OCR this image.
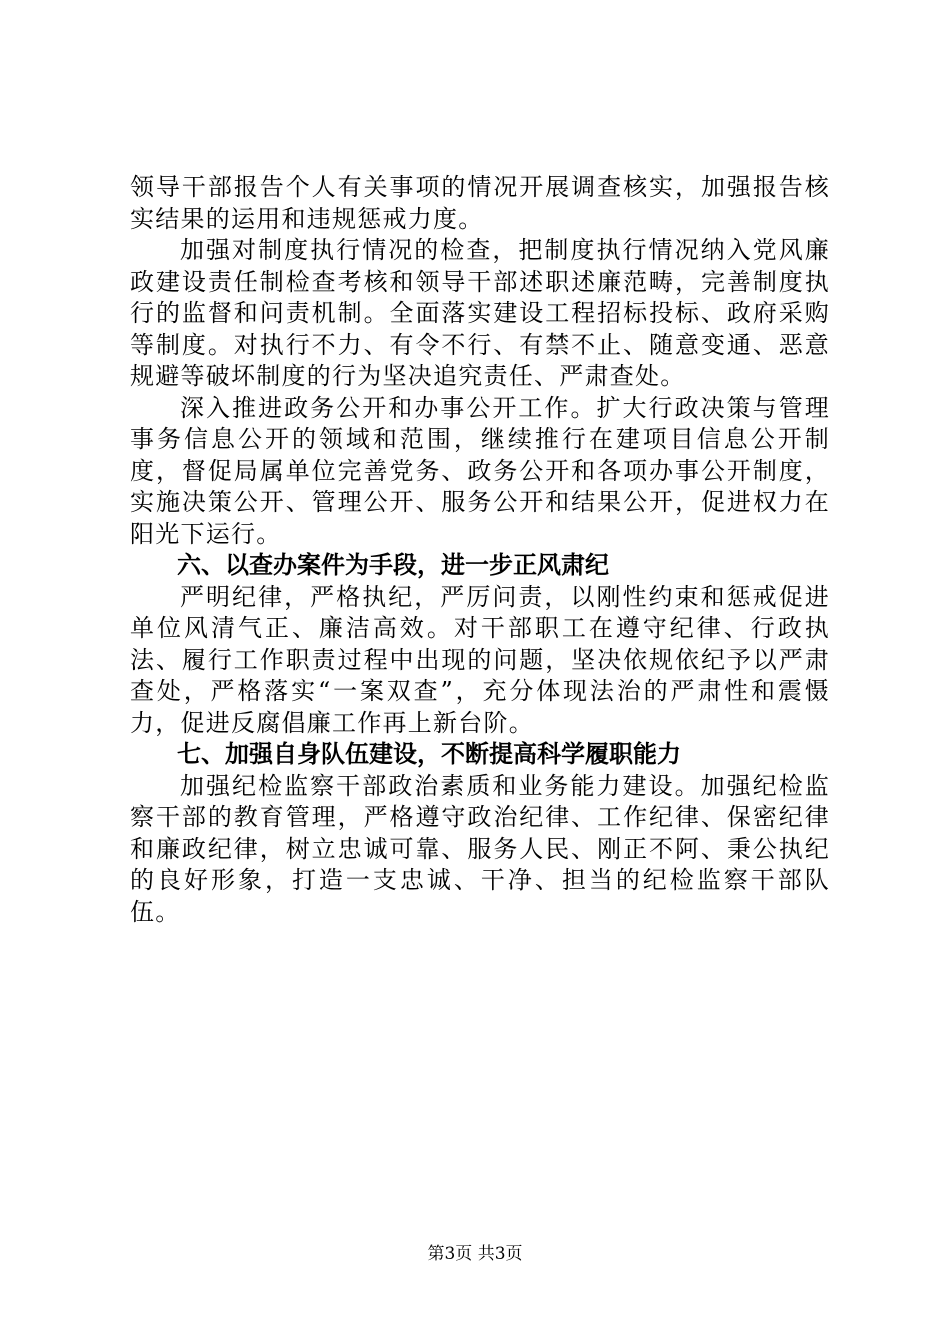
领导干部报告个人有关事项的情况开展调查核实，加强报告核实结果的运用和违规惩戒力度。

加强对制度执行情况的检查，把制度执行情况纳入党风廉政建设责任制检查考核和领导干部述职述廉范畴，完善制度执行的监督和问责机制。全面落实建设工程招标投标、政府采购等制度。对执行不力、有令不行、有禁不止、随意变通、恶意规避等破坏制度的行为坚决追究责任、严肃查处。

深入推进政务公开和办事公开工作。扩大行政决策与管理事务信息公开的领域和范围，继续推行在建项目信息公开制度，督促局属单位完善党务、政务公开和各项办事公开制度，实施决策公开、管理公开、服务公开和结果公开，促进权力在阳光下运行。

六、以查办案件为手段，进一步正风肃纪

严明纪律，严格执纪，严厉问责，以刚性约束和惩戒促进单位风清气正、廉洁高效。对干部职工在遵守纪律、行政执法、履行工作职责过程中出现的问题，坚决依规依纪予以严肃查处，严格落实“一案双查”，充分体现法治的严肃性和震慑力，促进反腐倡廉工作再上新台阶。

七、加强自身队伍建设，不断提高科学履职能力

加强纪检监察干部政治素质和业务能力建设。加强纪检监察干部的教育管理，严格遵守政治纪律、工作纪律、保密纪律和廉政纪律，树立忠诚可靠、服务人民、刚正不阿、秉公执纪的良好形象，打造一支忠诚、干净、担当的纪检监察干部队伍。

第3页 共3页
